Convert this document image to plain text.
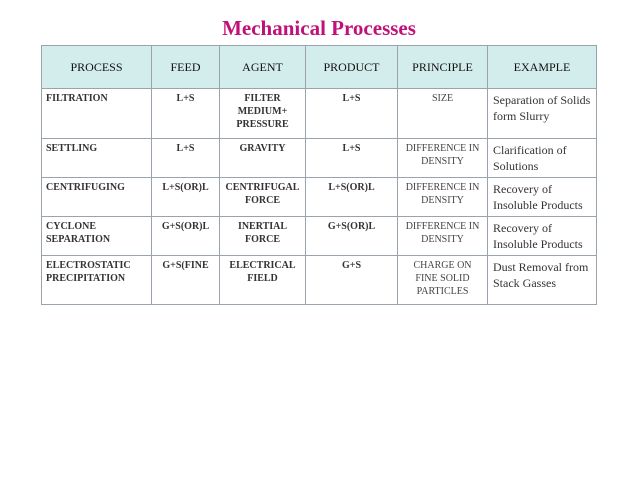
Mechanical Processes
PROCESS	FEED	AGENT	PRODUCT	PRINCIPLE	EXAMPLE
FILTRATION	L+S	FILTER MEDIUM+ PRESSURE	L+S	SIZE	Separation of Solids form Slurry
SETTLING	L+S	GRAVITY	L+S	DIFFERENCE IN DENSITY	Clarification of Solutions
CENTRIFUGING	L+S(OR)L	CENTRIFUGAL FORCE	L+S(OR)L	DIFFERENCE IN DENSITY	Recovery of Insoluble Products
CYCLONE SEPARATION	G+S(OR)L	INERTIAL FORCE	G+S(OR)L	DIFFERENCE IN DENSITY	Recovery of Insoluble Products
ELECTROSTATIC PRECIPITATION	G+S(FINE	ELECTRICAL FIELD	G+S	CHARGE ON FINE SOLID PARTICLES	Dust Removal from Stack Gasses
